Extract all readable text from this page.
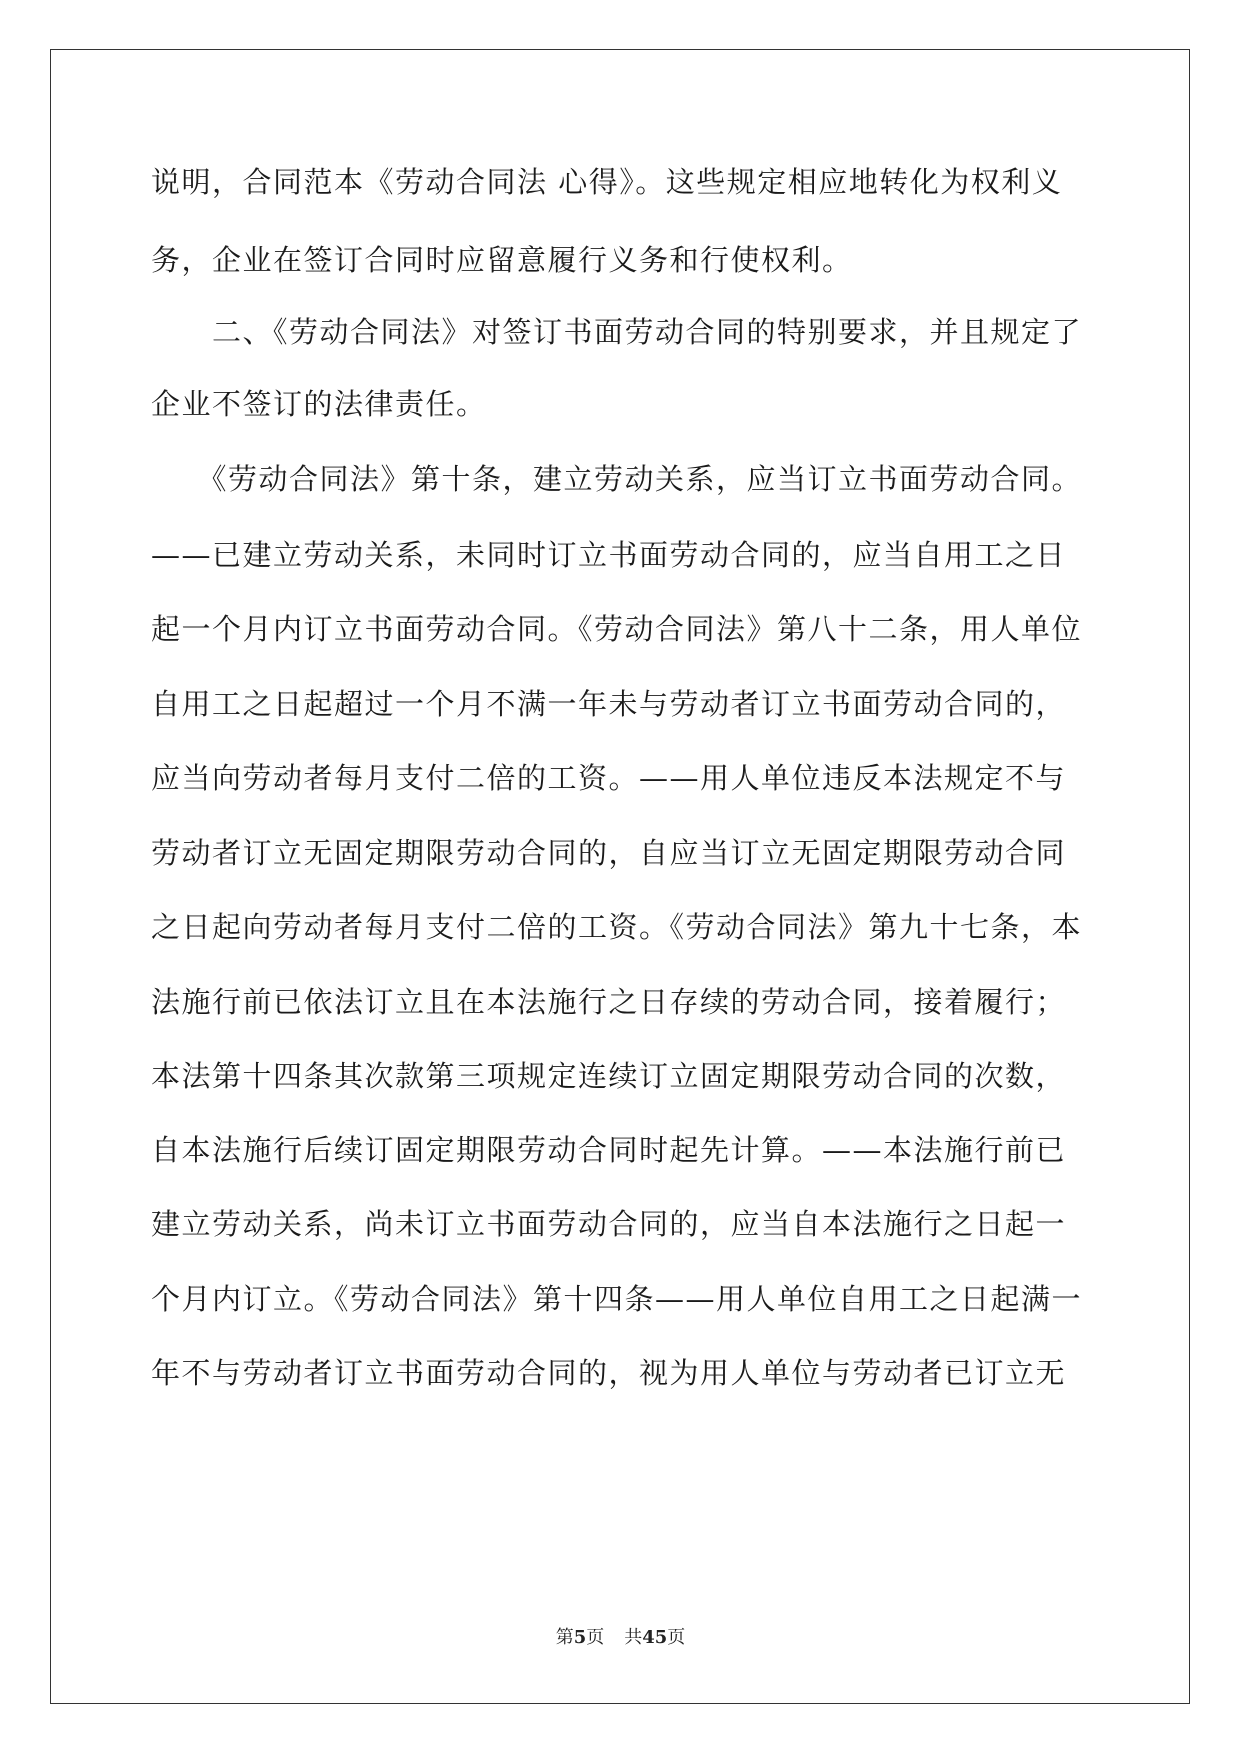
说明，合同范本《劳动合同法 心得》。这些规定相应地转化为权利义
务，企业在签订合同时应留意履行义务和行使权利。
　　二、《劳动合同法》对签订书面劳动合同的特别要求，并且规定了
企业不签订的法律责任。
　　《劳动合同法》第十条，建立劳动关系，应当订立书面劳动合同。
——已建立劳动关系，未同时订立书面劳动合同的，应当自用工之日
起一个月内订立书面劳动合同。《劳动合同法》第八十二条，用人单位
自用工之日起超过一个月不满一年未与劳动者订立书面劳动合同的，
应当向劳动者每月支付二倍的工资。——用人单位违反本法规定不与
劳动者订立无固定期限劳动合同的，自应当订立无固定期限劳动合同
之日起向劳动者每月支付二倍的工资。《劳动合同法》第九十七条，本
法施行前已依法订立且在本法施行之日存续的劳动合同，接着履行；
本法第十四条其次款第三项规定连续订立固定期限劳动合同的次数，
自本法施行后续订固定期限劳动合同时起先计算。——本法施行前已
建立劳动关系，尚未订立书面劳动合同的，应当自本法施行之日起一
个月内订立。《劳动合同法》第十四条——用人单位自用工之日起满一
年不与劳动者订立书面劳动合同的，视为用人单位与劳动者已订立无
第5页 共45页
